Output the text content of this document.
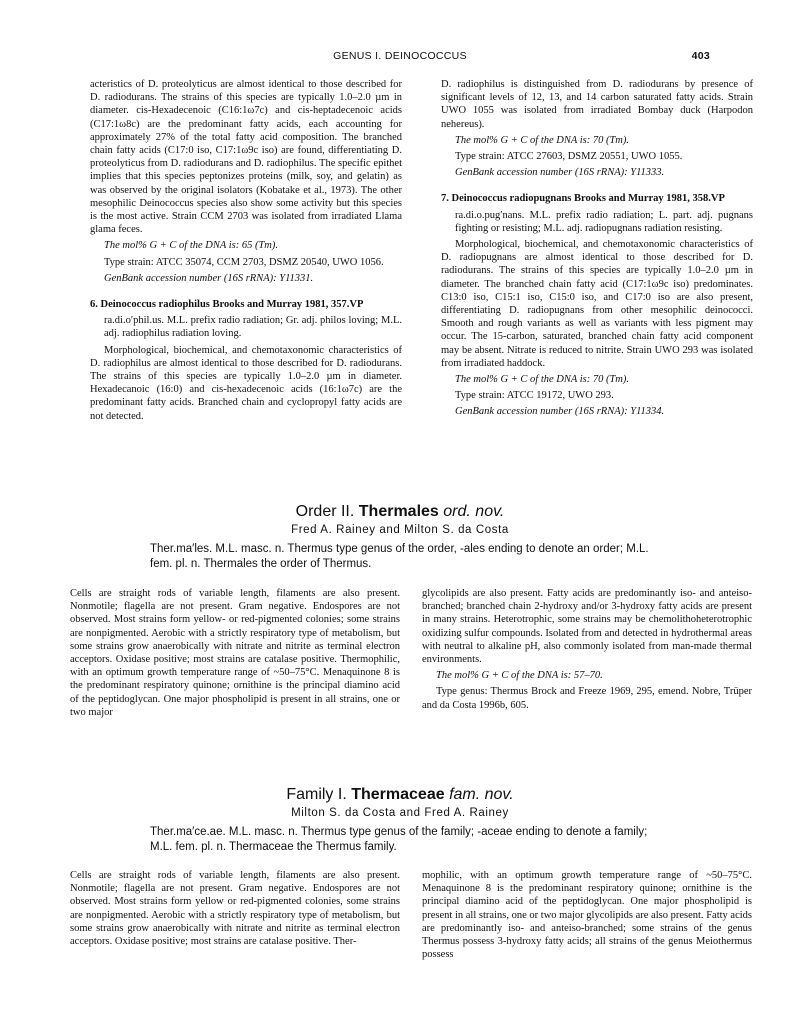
GENUS I. DEINOCOCCUS	403

acteristics of D. proteolyticus are almost identical to those described for D. radiodurans. The strains of this species are typically 1.0–2.0 µm in diameter. cis-Hexadecenoic (C16:1ω7c) and cis-heptadecenoic acids (C17:1ω8c) are the predominant fatty acids, each accounting for approximately 27% of the total fatty acid composition. The branched chain fatty acids (C17:0 iso, C17:1ω9c iso) are found, differentiating D. proteolyticus from D. radiodurans and D. radiophilus. The specific epithet implies that this species peptonizes proteins (milk, soy, and gelatin) as was observed by the original isolators (Kobatake et al., 1973). The other mesophilic Deinococcus species also show some activity but this species is the most active. Strain CCM 2703 was isolated from irradiated Llama glama feces.

The mol% G + C of the DNA is: 65 (Tm).

Type strain: ATCC 35074, CCM 2703, DSMZ 20540, UWO 1056.

GenBank accession number (16S rRNA): Y11331.

6. Deinococcus radiophilus Brooks and Murray 1981, 357.VP

ra.di.o′phil.us. M.L. prefix radio radiation; Gr. adj. philos loving; M.L. adj. radiophilus radiation loving.

Morphological, biochemical, and chemotaxonomic characteristics of D. radiophilus are almost identical to those described for D. radiodurans. The strains of this species are typically 1.0–2.0 µm in diameter. Hexadecanoic (16:0) and cis-hexadecenoic acids (16:1ω7c) are the predominant fatty acids. Branched chain and cyclopropyl fatty acids are not detected.

D. radiophilus is distinguished from D. radiodurans by presence of significant levels of 12, 13, and 14 carbon saturated fatty acids. Strain UWO 1055 was isolated from irradiated Bombay duck (Harpodon nehereus).

The mol% G + C of the DNA is: 70 (Tm).

Type strain: ATCC 27603, DSMZ 20551, UWO 1055.

GenBank accession number (16S rRNA): Y11333.

7. Deinococcus radiopugnans Brooks and Murray 1981, 358.VP

ra.di.o.pug′nans. M.L. prefix radio radiation; L. part. adj. pugnans fighting or resisting; M.L. adj. radiopugnans radiation resisting.

Morphological, biochemical, and chemotaxonomic characteristics of D. radiopugnans are almost identical to those described for D. radiodurans. The strains of this species are typically 1.0–2.0 µm in diameter. The branched chain fatty acid (C17:1ω9c iso) predominates. C13:0 iso, C15:1 iso, C15:0 iso, and C17:0 iso are also present, differentiating D. radiopugnans from other mesophilic deinococci. Smooth and rough variants as well as variants with less pigment may occur. The 15-carbon, saturated, branched chain fatty acid component may be absent. Nitrate is reduced to nitrite. Strain UWO 293 was isolated from irradiated haddock.

The mol% G + C of the DNA is: 70 (Tm).

Type strain: ATCC 19172, UWO 293.

GenBank accession number (16S rRNA): Y11334.

Order II. Thermales ord. nov.
Fred A. Rainey and Milton S. da Costa
Ther.ma′les. M.L. masc. n. Thermus type genus of the order, -ales ending to denote an order; M.L. fem. pl. n. Thermales the order of Thermus.

Cells are straight rods of variable length, filaments are also present. Nonmotile; flagella are not present. Gram negative. Endospores are not observed. Most strains form yellow- or red-pigmented colonies; some strains are nonpigmented. Aerobic with a strictly respiratory type of metabolism, but some strains grow anaerobically with nitrate and nitrite as terminal electron acceptors. Oxidase positive; most strains are catalase positive. Thermophilic, with an optimum growth temperature range of ~50–75°C. Menaquinone 8 is the predominant respiratory quinone; ornithine is the principal diamino acid of the peptidoglycan. One major phospholipid is present in all strains, one or two major

glycolipids are also present. Fatty acids are predominantly iso- and anteiso-branched; branched chain 2-hydroxy and/or 3-hydroxy fatty acids are present in many strains. Heterotrophic, some strains may be chemolithoheterotrophic oxidizing sulfur compounds. Isolated from and detected in hydrothermal areas with neutral to alkaline pH, also commonly isolated from man-made thermal environments.

The mol% G + C of the DNA is: 57–70.

Type genus: Thermus Brock and Freeze 1969, 295, emend. Nobre, Trüper and da Costa 1996b, 605.

Family I. Thermaceae fam. nov.
Milton S. da Costa and Fred A. Rainey
Ther.ma′ce.ae. M.L. masc. n. Thermus type genus of the family; -aceae ending to denote a family; M.L. fem. pl. n. Thermaceae the Thermus family.

Cells are straight rods of variable length, filaments are also present. Nonmotile; flagella are not present. Gram negative. Endospores are not observed. Most strains form yellow or red-pigmented colonies, some strains are nonpigmented. Aerobic with a strictly respiratory type of metabolism, but some strains grow anaerobically with nitrate and nitrite as terminal electron acceptors. Oxidase positive; most strains are catalase positive. Ther-

mophilic, with an optimum growth temperature range of ~50–75°C. Menaquinone 8 is the predominant respiratory quinone; ornithine is the principal diamino acid of the peptidoglycan. One major phospholipid is present in all strains, one or two major glycolipids are also present. Fatty acids are predominantly iso- and anteiso-branched; some strains of the genus Thermus possess 3-hydroxy fatty acids; all strains of the genus Meiothermus possess
